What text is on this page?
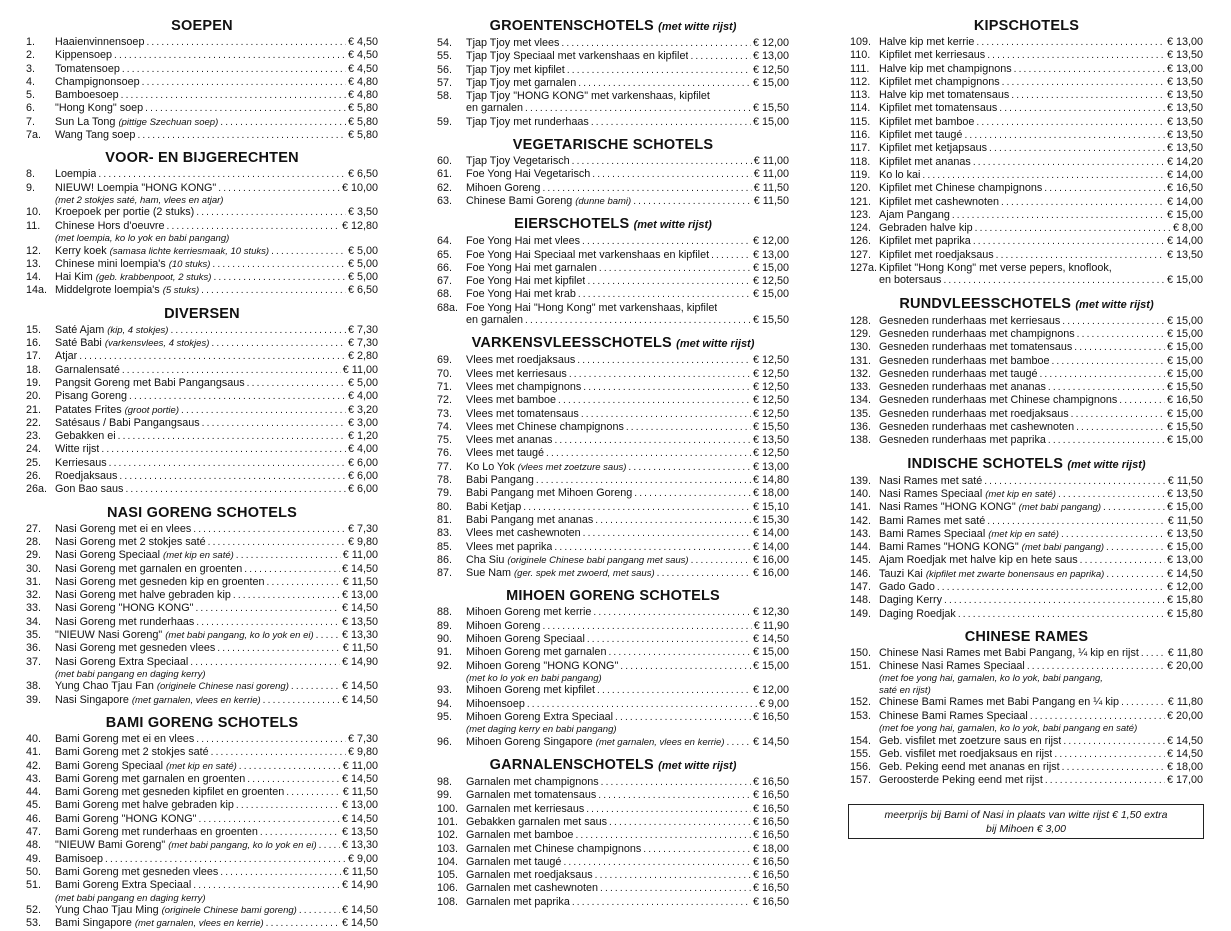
SOEPEN
1.	Haaienvinnensoep . . .	€ 4,50
2.	Kippensoep . . .	€ 4,50
3.	Tomatensoep . . .	€ 4,50
4.	Champignonsoep . . .	€ 4,80
5.	Bamboesoep . . .	€ 4,80
6.	"Hong Kong" soep . . .	€ 5,80
7.	Sun La Tong (pittige Szechuan soep) . . .	€ 5,80
7a.	Wang Tang soep . . .	€ 5,80
VOOR- EN BIJGERECHTEN
8.	Loempia . . .	€ 6,50
9.	NIEUW! Loempia "HONG KONG" . . .	€ 10,00
(met 2 stokjes saté, ham, vlees en atjar)
10.	Kroepoek per portie (2 stuks) . . .	€ 3,50
11.	Chinese Hors d'oeuvre . . .	€ 12,80
(met loempia, ko lo yok en babi pangang)
12.	Kerry koek (samasa lichte kerriesmaak, 10 stuks) . . .	€ 5,00
13.	Chinese mini loempia's (10 stuks) . . .	€ 5,00
14.	Hai Kim (geb. krabbenpoot, 2 stuks) . . .	€ 5,00
14a. Middelgrote loempia's (5 stuks) . . .	€ 6,50
DIVERSEN
15.	Saté Ajam (kip, 4 stokjes) . . .	€ 7,30
16.	Saté Babi (varkensvlees, 4 stokjes) . . .	€ 7,30
17.	Atjar . . .	€ 2,80
18.	Garnalensaté . . .	€ 11,00
19.	Pangsit Goreng met Babi Pangangsaus . . .	€ 5,00
20.	Pisang Goreng . . .	€ 4,00
21.	Patates Frites (groot portie) . . .	€ 3,20
22.	Satésaus / Babi Pangangsaus . . .	€ 3,00
23.	Gebakken ei . . .	€ 1,20
24.	Witte rijst . . .	€ 4,00
25.	Kerriesaus . . .	€ 6,00
26.	Roedjaksaus . . .	€ 6,00
26a. Gon Bao saus . . .	€ 6,00
NASI GORENG SCHOTELS
27.	Nasi Goreng met ei en vlees . . .	€ 7,30
28.	Nasi Goreng met 2 stokjes saté . . .	€ 9,80
29.	Nasi Goreng Speciaal (met kip en saté) . . .	€ 11,00
30.	Nasi Goreng met garnalen en groenten . . .	€ 14,50
31.	Nasi Goreng met gesneden kip en groenten . . .	€ 11,50
32.	Nasi Goreng met halve gebraden kip . . .	€ 13,00
33.	Nasi Goreng "HONG KONG" . . .	€ 14,50
34.	Nasi Goreng met runderhaas . . .	€ 13,50
35.	"NIEUW Nasi Goreng" (met babi pangang, ko lo yok en ei) . . .	€ 13,30
36.	Nasi Goreng met gesneden vlees . . .	€ 11,50
37.	Nasi Goreng Extra Speciaal . . .	€ 14,90
(met babi pangang en daging kerry)
38.	Yung Chao Tjau Fan (originele Chinese nasi goreng) . . .	€ 14,50
39.	Nasi Singapore (met garnalen, vlees en kerrie) . . .	€ 14,50
BAMI GORENG SCHOTELS
40.	Bami Goreng met ei en vlees . . .	€ 7,30
41.	Bami Goreng met 2 stokjes saté . . .	€ 9,80
42.	Bami Goreng Speciaal (met kip en saté) . . .	€ 11,00
43.	Bami Goreng met garnalen en groenten . . .	€ 14,50
44.	Bami Goreng met gesneden kipfilet en groenten . . .	€ 11,50
45.	Bami Goreng met halve gebraden kip . . .	€ 13,00
46.	Bami Goreng "HONG KONG" . . .	€ 14,50
47.	Bami Goreng met runderhaas en groenten . . .	€ 13,50
48.	"NIEUW Bami Goreng" (met babi pangang, ko lo yok en ei) . . . € 13,30
49.	Bamisoep . . .	€ 9,00
50.	Bami Goreng met gesneden vlees . . .	€ 11,50
51.	Bami Goreng Extra Speciaal . . .	€ 14,90
(met babi pangang en daging kerry)
52.	Yung Chao Tjau Ming (originele Chinese bami goreng) . . .	€ 14,50
53.	Bami Singapore (met garnalen, vlees en kerrie) . . .	€ 14,50
GROENTENSCHOTELS (met witte rijst)
54.	Tjap Tjoy met vlees . . .	€ 12,00
55.	Tjap Tjoy Speciaal met varkenshaas en kipfilet . . .	€ 13,00
56.	Tjap Tjoy met kipfilet . . .	€ 12,50
57.	Tjap Tjoy met garnalen . . .	€ 15,00
58.	Tjap Tjoy "HONG KONG" met varkenshaas, kipfilet
en garnalen . . .	€ 15,50
59.	Tjap Tjoy met runderhaas . . .	€ 15,00
VEGETARISCHE SCHOTELS
60.	Tjap Tjoy Vegetarisch . . .	€ 11,00
61.	Foe Yong Hai Vegetarisch . . .	€ 11,00
62.	Mihoen Goreng . . .	€ 11,50
63.	Chinese Bami Goreng (dunne bami) . . .	€ 11,50
EIERSCHOTELS (met witte rijst)
64.	Foe Yong Hai met vlees . . .	€ 12,00
65.	Foe Yong Hai Speciaal met varkenshaas en kipfilet . . .	€ 13,00
66.	Foe Yong Hai met garnalen . . .	€ 15,00
67.	Foe Yong Hai met kipfilet . . .	€ 12,50
68.	Foe Yong Hai met krab . . .	€ 15,00
68a. Foe Yong Hai "Hong Kong" met varkenshaas, kipfilet
en garnalen . . .	€ 15,50
VARKENSVLEESSCHOTELS (met witte rijst)
69.	Vlees met roedjaksaus . . .	€ 12,50
70.	Vlees met kerriesaus . . .	€ 12,50
71.	Vlees met champignons . . .	€ 12,50
72.	Vlees met bamboe . . .	€ 12,50
73.	Vlees met tomatensaus . . .	€ 12,50
74.	Vlees met Chinese champignons . . .	€ 15,50
75.	Vlees met ananas . . .	€ 13,50
76.	Vlees met taugé . . .	€ 12,50
77.	Ko Lo Yok (vlees met zoetzure saus) . . .	€ 13,00
78.	Babi Pangang . . .	€ 14,80
79.	Babi Pangang met Mihoen Goreng . . .	€ 18,00
80.	Babi Ketjap . . .	€ 15,10
81.	Babi Pangang met ananas . . .	€ 15,30
83.	Vlees met cashewnoten . . .	€ 14,00
85.	Vlees met paprika . . .	€ 14,00
86.	Cha Siu (originele Chinese babi pangang met saus) . . .	€ 16,00
87.	Sue Nam (ger. spek met zwoerd, met saus) . . .	€ 16,00
MIHOEN GORENG SCHOTELS
88.	Mihoen Goreng met kerrie . . .	€ 12,30
89.	Mihoen Goreng . . .	€ 11,90
90.	Mihoen Goreng Speciaal . . .	€ 14,50
91.	Mihoen Goreng met garnalen . . .	€ 15,00
92.	Mihoen Goreng "HONG KONG" . . .	€ 15,00
(met ko lo yok en babi pangang)
93.	Mihoen Goreng met kipfilet . . .	€ 12,00
94.	Mihoensoep . . .	€ 9,00
95.	Mihoen Goreng Extra Speciaal . . .	€ 16,50
(met daging kerry en babi pangang)
96.	Mihoen Goreng Singapore (met garnalen, vlees en kerrie) . . .	€ 14,50
GARNALENSCHOTELS (met witte rijst)
98.	Garnalen met champignons . . .	€ 16,50
99.	Garnalen met tomatensaus . . .	€ 16,50
100. Garnalen met kerriesaus . . .	€ 16,50
101. Gebakken garnalen met saus . . .	€ 16,50
102. Garnalen met bamboe . . .	€ 16,50
103. Garnalen met Chinese champignons . . .	€ 18,00
104. Garnalen met taugé . . .	€ 16,50
105. Garnalen met roedjaksaus . . .	€ 16,50
106. Garnalen met cashewnoten . . .	€ 16,50
108. Garnalen met paprika . . .	€ 16,50
KIPSCHOTELS
109. Halve kip met kerrie . . .	€ 13,00
110. Kipfilet met kerriesaus . . .	€ 13,50
111. Halve kip met champignons . . .	€ 13,00
112. Kipfilet met champignons . . .	€ 13,50
113. Halve kip met tomatensaus . . .	€ 13,50
114. Kipfilet met tomatensaus . . .	€ 13,50
115. Kipfilet met bamboe . . .	€ 13,50
116. Kipfilet met taugé . . .	€ 13,50
117. Kipfilet met ketjapsaus . . .	€ 13,50
118. Kipfilet met ananas . . .	€ 14,20
119. Ko lo kai . . .	€ 14,00
120. Kipfilet met Chinese champignons . . .	€ 16,50
121. Kipfilet met cashewnoten . . .	€ 14,00
123. Ajam Pangang . . .	€ 15,00
124. Gebraden halve kip . . .	€ 8,00
126. Kipfilet met paprika . . .	€ 14,00
127. Kipfilet met roedjaksaus . . .	€ 13,50
127a. Kipfilet "Hong Kong" met verse pepers, knoflook,
en botersaus . . .	€ 15,00
RUNDVLEESSCHOTELS (met witte rijst)
128. Gesneden runderhaas met kerriesaus . . .	€ 15,00
129. Gesneden runderhaas met champignons . . .	€ 15,00
130. Gesneden runderhaas met tomatensaus . . .	€ 15,00
131. Gesneden runderhaas met bamboe . . .	€ 15,00
132. Gesneden runderhaas met taugé . . .	€ 15,00
133. Gesneden runderhaas met ananas . . .	€ 15,50
134. Gesneden runderhaas met Chinese champignons . . .	€ 16,50
135. Gesneden runderhaas met roedjaksaus . . .	€ 15,00
136. Gesneden runderhaas met cashewnoten . . .	€ 15,50
138. Gesneden runderhaas met paprika . . .	€ 15,00
INDISCHE SCHOTELS (met witte rijst)
139. Nasi Rames met saté . . .	€ 11,50
140. Nasi Rames Speciaal (met kip en saté) . . .	€ 13,50
141. Nasi Rames "HONG KONG" (met babi pangang) . . .	€ 15,00
142. Bami Rames met saté . . .	€ 11,50
143. Bami Rames Speciaal (met kip en saté) . . .	€ 13,50
144. Bami Rames "HONG KONG" (met babi pangang) . . .	€ 15,00
145. Ajam Roedjak met halve kip en hete saus . . .	€ 13,00
146. Tauzi Kai (kipfilet met zwarte bonensaus en paprika) . . .	€ 14,50
147. Gado Gado . . .	€ 12,00
148. Daging Kerry . . .	€ 15,80
149. Daging Roedjak . . .	€ 15,80
CHINESE RAMES
150. Chinese Nasi Rames met Babi Pangang, ¼ kip en rijst . . .	€ 11,80
151. Chinese Nasi Rames Speciaal . . .	€ 20,00
(met foe yong hai, garnalen, ko lo yok, babi pangang,
saté en rijst)
152. Chinese Bami Rames met Babi Pangang en ¼ kip . . .	€ 11,80
153. Chinese Bami Rames Speciaal . . .	€ 20,00
(met foe yong hai, garnalen, ko lo yok, babi pangang en saté)
154. Geb. visfilet met zoetzure saus en rijst . . .	€ 14,50
155. Geb. visfilet met roedjaksaus en rijst . . .	€ 14,50
156. Geb. Peking eend met ananas en rijst . . .	€ 18,00
157. Geroosterde Peking eend met rijst . . .	€ 17,00
meerprijs bij Bami of Nasi in plaats van witte rijst € 1,50 extra
bij Mihoen € 3,00
